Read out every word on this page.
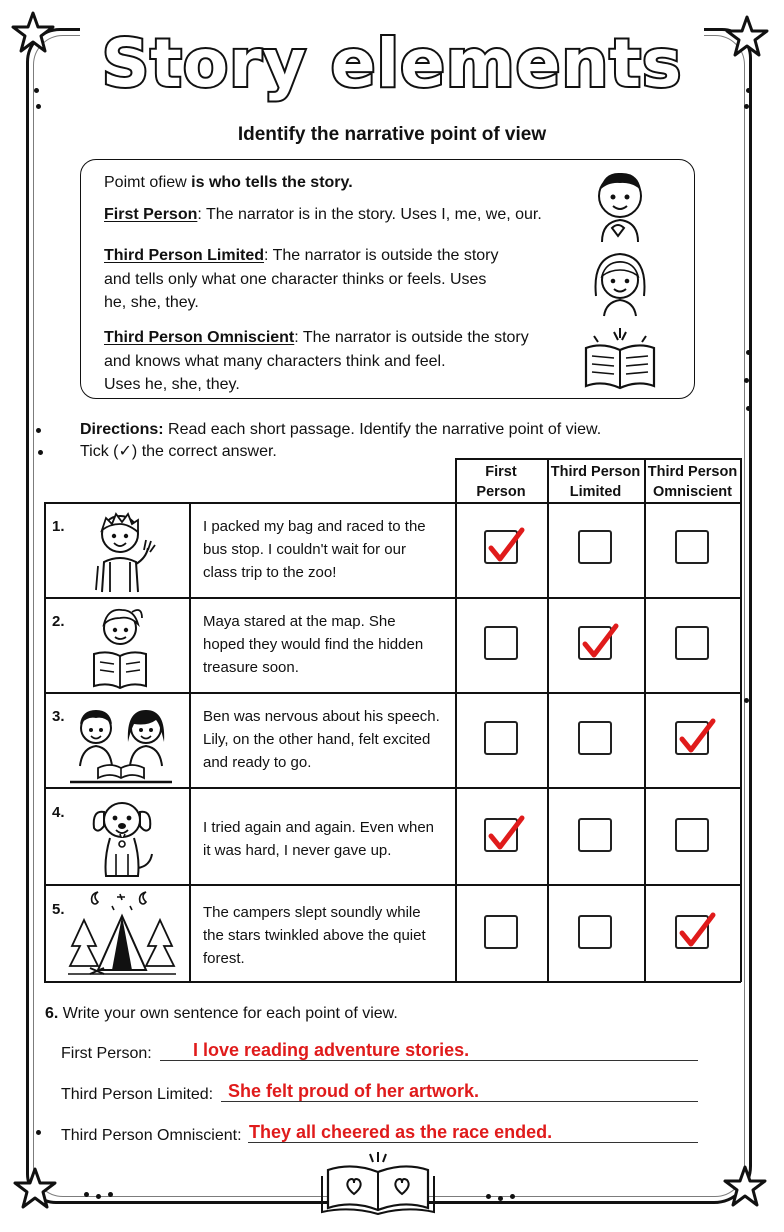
Story elements
Identify the narrative point of view
Poimt ofiew is who tells the story.
First Person: The narrator is in the story. Uses I, me, we, our.
Third Person Limited: The narrator is outside the story
and tells only what one character thinks or feels. Uses
he, she, they.
Third Person Omniscient: The narrator is outside the story
and knows what many characters think and feel.
Uses he, she, they.
Directions: Read each short passage. Identify the narrative point of view.
Tick (✓) the correct answer.
First
Person
Third Person
Limited
Third Person
Omniscient
1.
2.
3.
4.
5.
I packed my bag and raced to the
bus stop. I couldn't wait for our
class trip to the zoo!
Maya stared at the map. She
hoped they would find the hidden
treasure soon.
Ben was nervous about his speech.
Lily, on the other hand, felt excited
and ready to go.
I tried again and again. Even when
it was hard, I never gave up.
The campers slept soundly while
the stars twinkled above the quiet
forest.
6. Write your own sentence for each point of view.
First Person: I love reading adventure stories.
Third Person Limited: She felt proud of her artwork.
Third Person Omniscient: They all cheered as the race ended.
